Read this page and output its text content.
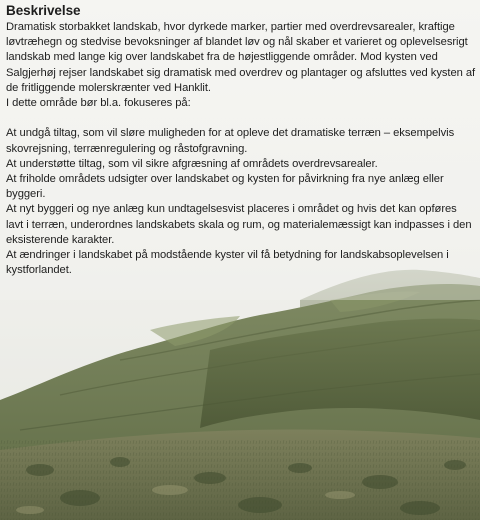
Beskrivelse

Dramatisk storbakket landskab, hvor dyrkede marker, partier med overdrevsarealer, kraftige løvtræhegn og stedvise bevoksninger af blandet løv og nål skaber et varieret og oplevelsesrigt landskab med lange kig over landskabet fra de højestliggende områder. Mod kysten ved Salgjerhøj rejser landskabet sig dramatisk med overdrev og plantager og afsluttes ved kysten af de fritliggende molerskrænter ved Hanklit.

I dette område bør bl.a. fokuseres på:

At undgå tiltag, som vil sløre muligheden for at opleve det dramatiske terræn – eksempelvis skovrejsning, terrænregulering og råstofgravning.

At understøtte tiltag, som vil sikre afgræsning af områdets overdrevsarealer.

At friholde områdets udsigter over landskabet og kysten for påvirkning fra nye anlæg eller byggeri.

At nyt byggeri og nye anlæg kun undtagelsesvist placeres i området og hvis det kan opføres lavt i terræn, underordnes landskabets skala og rum, og materialemæssigt kan indpasses i den eksisterende karakter.

At ændringer i landskabet på modstående kyster vil få betydning for landskabsoplevelsen i kystforlandet.
